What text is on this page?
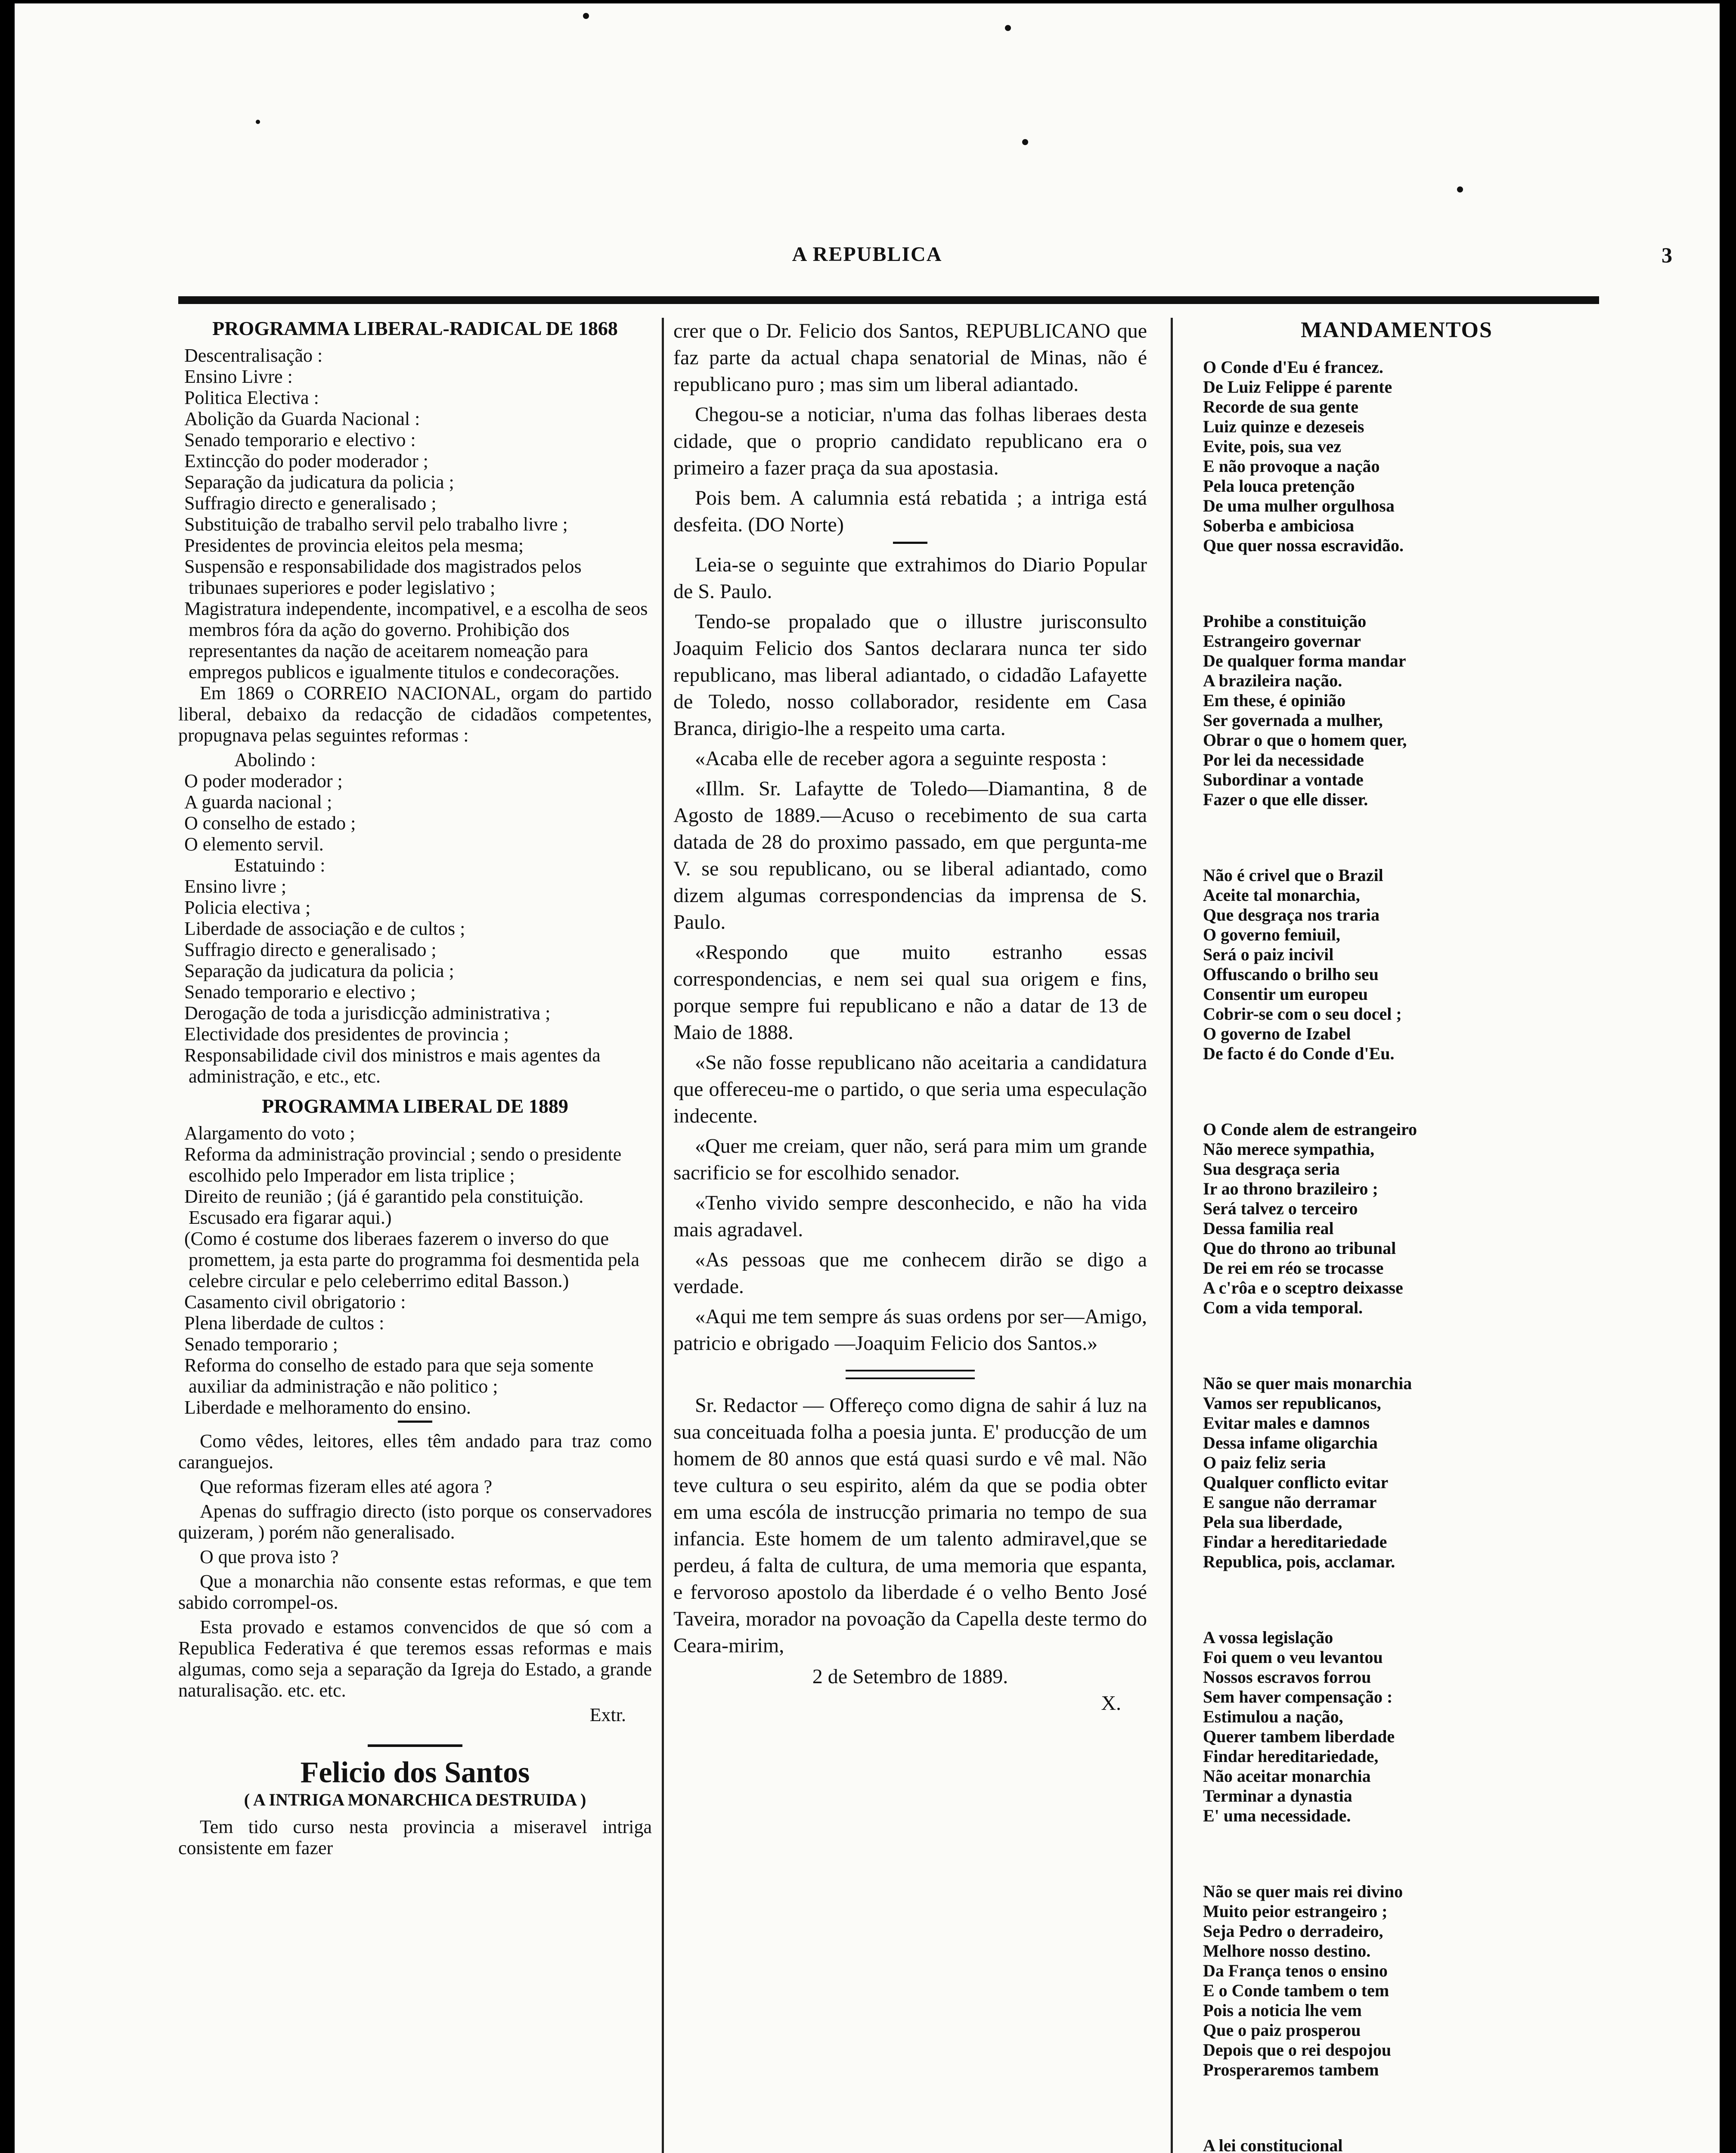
A REPUBLICA	3
PROGRAMMA LIBERAL-RADICAL DE 1868
Descentralisação :
Ensino Livre :
Politica Electiva :
Abolição da Guarda Nacional :
Senado temporario e electivo :
Extincção do poder moderador ;
Separação da judicatura da policia ;
Suffragio directo e generalisado ;
Substituição de trabalho servil pelo trabalho livre ;
Presidentes de provincia eleitos pela mesma;
Suspensão e responsabilidade dos magistrados pelos tribunaes superiores e poder legislativo ;
Magistratura independente, incompativel, e a escolha de seos membros fóra da ação do governo. Prohibição dos representantes da nação de aceitarem nomeação para empregos publicos e igualmente titulos e condecorações.
Em 1869 o CORREIO NACIONAL, orgam do partido liberal, debaixo da redacção de cidadãos competentes, propugnava pelas seguintes reformas :
Abolindo :
O poder moderador ;
A guarda nacional ;
O conselho de estado ;
O elemento servil.
Estatuindo :
Ensino livre ;
Policia electiva ;
Liberdade de associação e de cultos ;
Suffragio directo e generalisado ;
Separação da judicatura da policia ;
Senado temporario e electivo ;
Derogação de toda a jurisdicção administrativa ;
Electividade dos presidentes de provincia ;
Responsabilidade civil dos ministros e mais agentes da administração, e etc., etc.
PROGRAMMA LIBERAL DE 1889
Alargamento do voto ;
Reforma da administração provincial ; sendo o presidente escolhido pelo Imperador em lista triplice ;
Direito de reunião ; (já é garantido pela constituição. Escusado era figarar aqui.)
(Como é costume dos liberaes fazerem o inverso do que promettem, ja esta parte do programma foi desmentida pela celebre circular e pelo celeberrimo edital Basson.)
Casamento civil obrigatorio :
Plena liberdade de cultos :
Senado temporario ;
Reforma do conselho de estado para que seja somente auxiliar da administração e não politico ;
Liberdade e melhoramento do ensino.
Como vêdes, leitores, elles têm andado para traz como caranguejos.
Que reformas fizeram elles até agora ?
Apenas do suffragio directo (isto porque os conservadores quizeram, ) porém não generalisado.
O que prova isto ?
Que a monarchia não consente estas reformas, e que tem sabido corrompel-os.
Esta provado e estamos convencidos de que só com a Republica Federativa é que teremos essas reformas e mais algumas, como seja a separação da Igreja do Estado, a grande naturalisação. etc. etc.
Extr.
Felicio dos Santos
( A INTRIGA MONARCHICA DESTRUIDA )
Tem tido curso nesta provincia a miseravel intriga consistente em fazer
crer que o Dr. Felicio dos Santos, REPUBLICANO que faz parte da actual chapa senatorial de Minas, não é republicano puro ; mas sim um liberal adiantado.
Chegou-se a noticiar, n'uma das folhas liberaes desta cidade, que o proprio candidato republicano era o primeiro a fazer praça da sua apostasia.
Pois bem. A calumnia está rebatida ; a intriga está desfeita. (DO Norte)
Leia-se o seguinte que extrahimos do Diario Popular de S. Paulo.
Tendo-se propalado que o illustre jurisconsulto Joaquim Felicio dos Santos declarara nunca ter sido republicano, mas liberal adiantado, o cidadão Lafayette de Toledo, nosso collaborador, residente em Casa Branca, dirigio-lhe a respeito uma carta.
«Acaba elle de receber agora a seguinte resposta :
«Illm. Sr. Lafaytte de Toledo—Diamantina, 8 de Agosto de 1889.—Acuso o recebimento de sua carta datada de 28 do proximo passado, em que pergunta-me V. se sou republicano, ou se liberal adiantado, como dizem algumas correspondencias da imprensa de S. Paulo.
«Respondo que muito estranho essas correspondencias, e nem sei qual sua origem e fins, porque sempre fui republicano e não a datar de 13 de Maio de 1888.
«Se não fosse republicano não aceitaria a candidatura que offereceu-me o partido, o que seria uma especulação indecente.
«Quer me creiam, quer não, será para mim um grande sacrificio se for escolhido senador.
«Tenho vivido sempre desconhecido, e não ha vida mais agradavel.
«As pessoas que me conhecem dirão se digo a verdade.
«Aqui me tem sempre ás suas ordens por ser—Amigo, patricio e obrigado —Joaquim Felicio dos Santos.»
Sr. Redactor — Offereço como digna de sahir á luz na sua conceituada folha a poesia junta. E' producção de um homem de 80 annos que está quasi surdo e vê mal. Não teve cultura o seu espirito, além da que se podia obter em uma escóla de instrucção primaria no tempo de sua infancia. Este homem de um talento admiravel,que se perdeu, á falta de cultura, de uma memoria que espanta, e fervoroso apostolo da liberdade é o velho Bento José Taveira, morador na povoação da Capella deste termo do Ceara-mirim,
2 de Setembro de 1889.
X.
MANDAMENTOS
O Conde d'Eu é francez.
De Luiz Felippe é parente
Recorde de sua gente
Luiz quinze e dezeseis
Evite, pois, sua vez
E não provoque a nação
Pela louca pretenção
De uma mulher orgulhosa
Soberba e ambiciosa
Que quer nossa escravidão.
Prohibe a constituição
Estrangeiro governar
De qualquer forma mandar
A brazileira nação.
Em these, é opinião
Ser governada a mulher,
Obrar o que o homem quer,
Por lei da necessidade
Subordinar a vontade
Fazer o que elle disser.
Não é crivel que o Brazil
Aceite tal monarchia,
Que desgraça nos traria
O governo femiuil,
Será o paiz incivil
Offuscando o brilho seu
Consentir um europeu
Cobrir-se com o seu docel ;
O governo de Izabel
De facto é do Conde d'Eu.
O Conde alem de estrangeiro
Não merece sympathia,
Sua desgraça seria
Ir ao throno brazileiro ;
Será talvez o terceiro
Dessa familia real
Que do throno ao tribunal
De rei em réo se trocasse
A c'rôa e o sceptro deixasse
Com a vida temporal.
Não se quer mais monarchia
Vamos ser republicanos,
Evitar males e damnos
Dessa infame oligarchia
O paiz feliz seria
Qualquer conflicto evitar
E sangue não derramar
Pela sua liberdade,
Findar a hereditariedade
Republica, pois, acclamar.
A vossa legislação
Foi quem o veu levantou
Nossos escravos forrou
Sem haver compensação :
Estimulou a nação,
Querer tambem liberdade
Findar hereditariedade,
Não aceitar monarchia
Terminar a dynastia
E' uma necessidade.
Não se quer mais rei divino
Muito peior estrangeiro ;
Seja Pedro o derradeiro,
Melhore nosso destino.
Da França tenos o ensino
E o Conde tambem o tem
Pois a noticia lhe vem
Que o paiz prosperou
Depois que o rei despojou
Prosperaremos tambem
A lei constitucional
